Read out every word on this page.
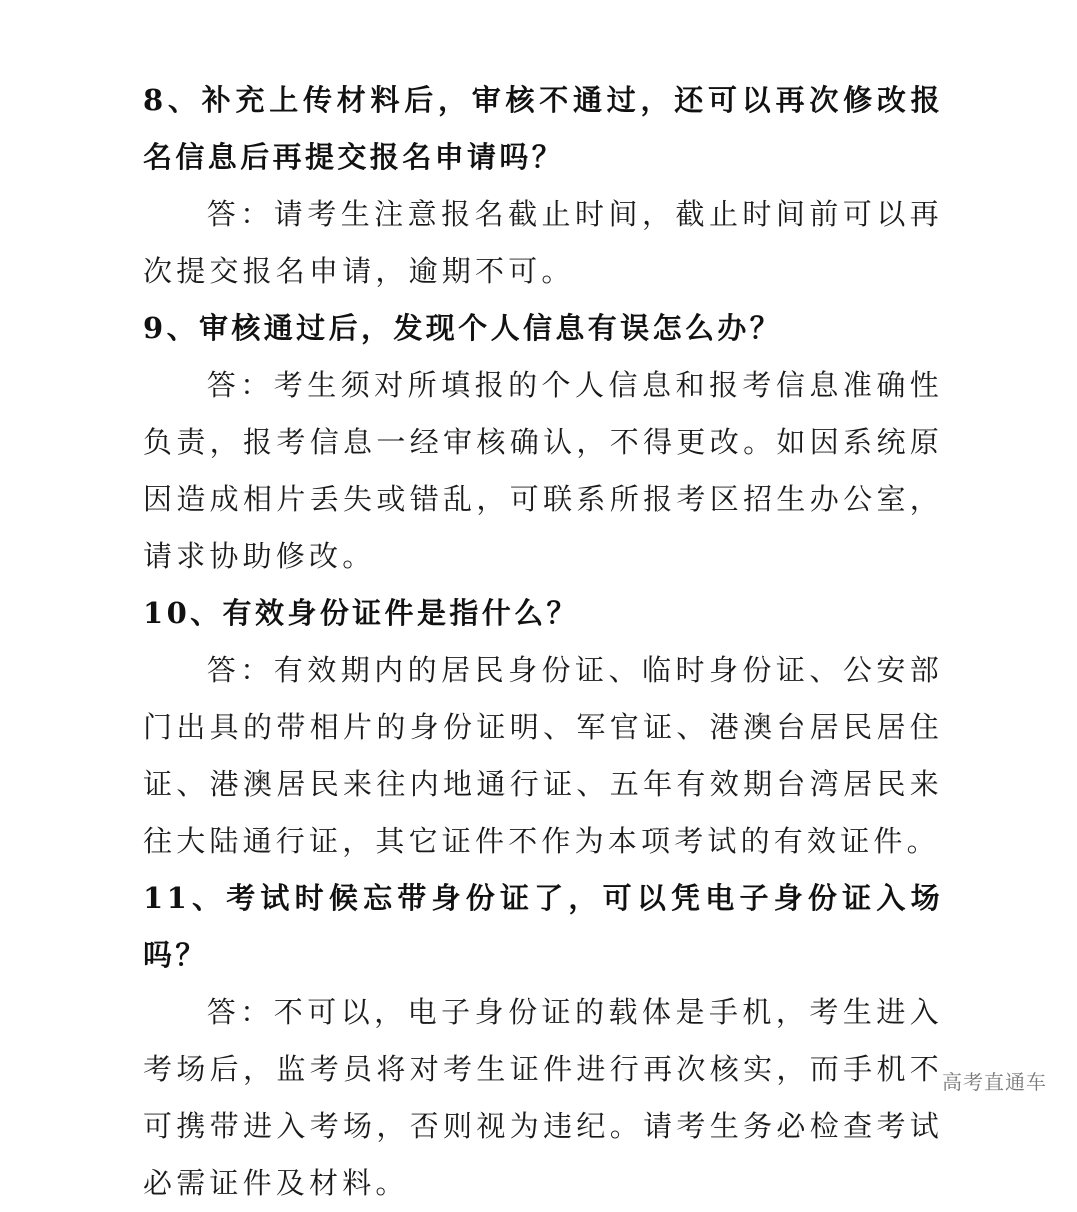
8、补充上传材料后，审核不通过，还可以再次修改报名信息后再提交报名申请吗？

答：请考生注意报名截止时间，截止时间前可以再次提交报名申请，逾期不可。

9、审核通过后，发现个人信息有误怎么办？

答：考生须对所填报的个人信息和报考信息准确性负责，报考信息一经审核确认，不得更改。如因系统原因造成相片丢失或错乱，可联系所报考区招生办公室，请求协助修改。

10、有效身份证件是指什么？

答：有效期内的居民身份证、临时身份证、公安部门出具的带相片的身份证明、军官证、港澳台居民居住证、港澳居民来往内地通行证、五年有效期台湾居民来往大陆通行证，其它证件不作为本项考试的有效证件。

11、考试时候忘带身份证了，可以凭电子身份证入场吗？

答：不可以，电子身份证的载体是手机，考生进入考场后，监考员将对考生证件进行再次核实，而手机不可携带进入考场，否则视为违纪。请考生务必检查考试必需证件及材料。

高考直通车
